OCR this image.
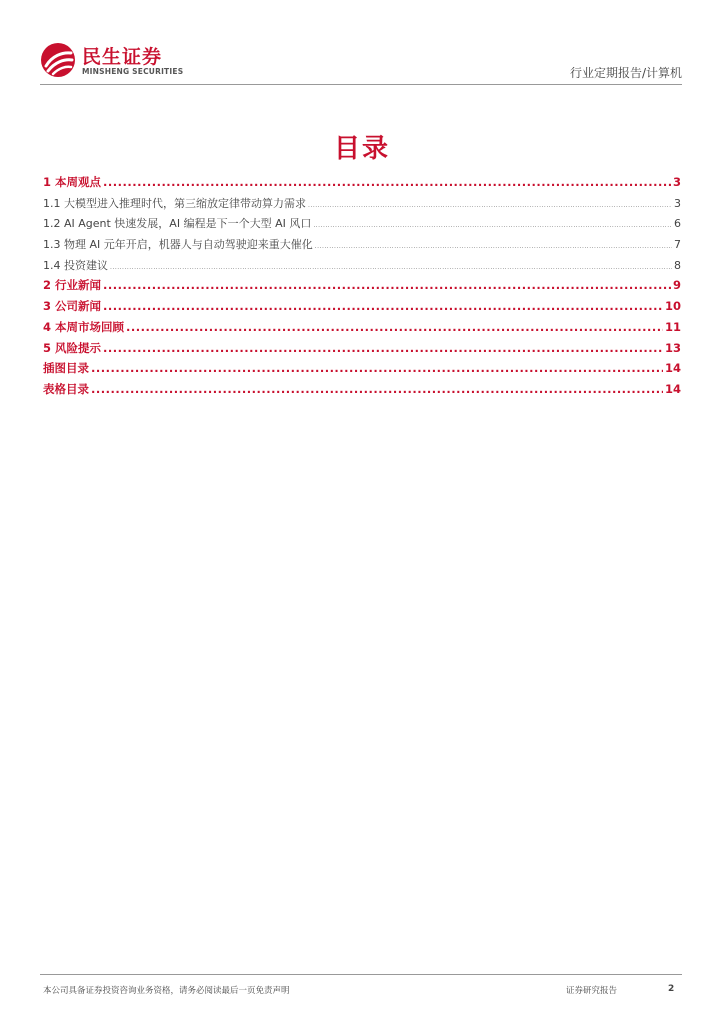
民生证券
MINSHENG SECURITIES	行业定期报告/计算机
目录
1 本周观点 .....	3
1.1 大模型进入推理时代，第三缩放定律带动算力需求 .....	3
1.2 AI Agent 快速发展，AI 编程是下一个大型 AI 风口 .....	6
1.3 物理 AI 元年开启，机器人与自动驾驶迎来重大催化 .....	7
1.4 投资建议 .....	8
2 行业新闻 .....	9
3 公司新闻 .....	10
4 本周市场回顾 .....	11
5 风险提示 .....	13
插图目录 .....	14
表格目录 .....	14
本公司具备证券投资咨询业务资格，请务必阅读最后一页免责声明	证券研究报告	2
